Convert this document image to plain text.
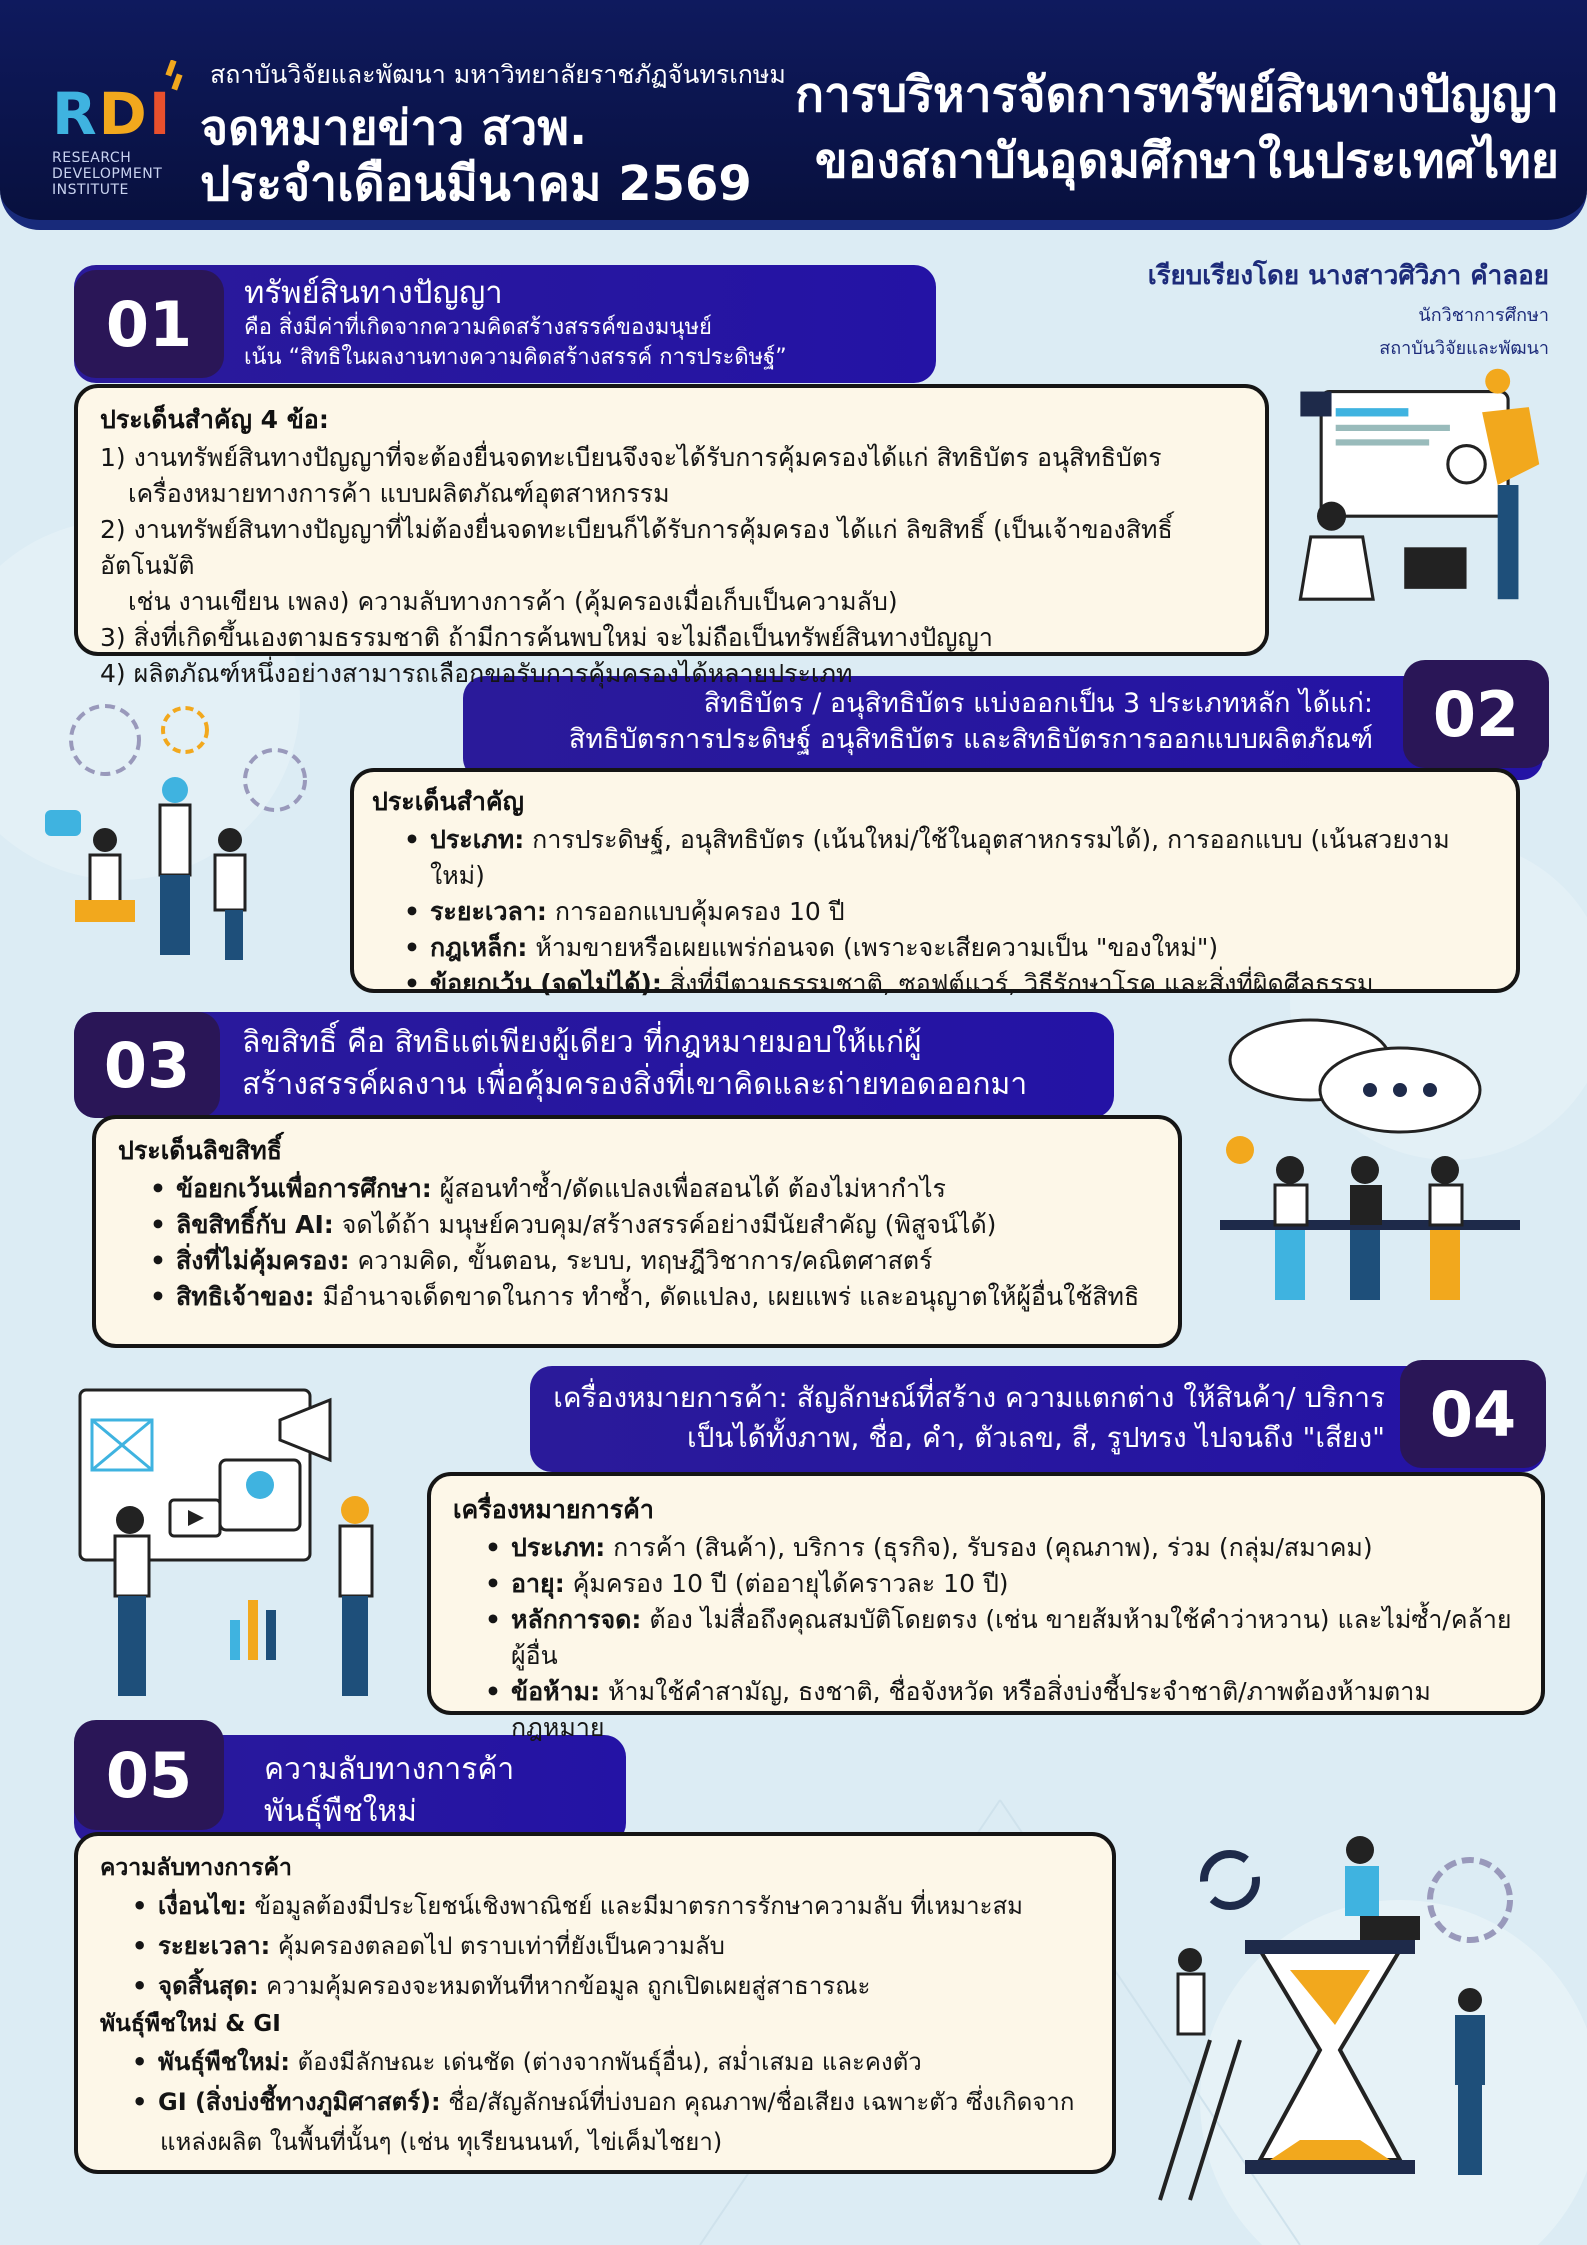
RDI
RESEARCH
DEVELOPMENT
INSTITUTE
สถาบันวิจัยและพัฒนา มหาวิทยาลัยราชภัฏจันทรเกษม
จดหมายข่าว สวพ.
ประจำเดือนมีนาคม 2569
การบริหารจัดการทรัพย์สินทางปัญญา
ของสถาบันอุดมศึกษาในประเทศไทย
เรียบเรียงโดย นางสาวศิวิภา คำลอย
นักวิชาการศึกษา
สถาบันวิจัยและพัฒนา
ทรัพย์สินทางปัญญา
คือ สิ่งมีค่าที่เกิดจากความคิดสร้างสรรค์ของมนุษย์
เน้น “สิทธิในผลงานทางความคิดสร้างสรรค์ การประดิษฐ์”
01
ประเด็นสำคัญ 4 ข้อ:

1) งานทรัพย์สินทางปัญญาที่จะต้องยื่นจดทะเบียนจึงจะได้รับการคุ้มครองได้แก่ สิทธิบัตร อนุสิทธิบัตร

เครื่องหมายทางการค้า แบบผลิตภัณฑ์อุตสาหกรรม

2) งานทรัพย์สินทางปัญญาที่ไม่ต้องยื่นจดทะเบียนก็ได้รับการคุ้มครอง ได้แก่ ลิขสิทธิ์ (เป็นเจ้าของสิทธิ์อัตโนมัติ

เช่น งานเขียน เพลง) ความลับทางการค้า (คุ้มครองเมื่อเก็บเป็นความลับ)

3) สิ่งที่เกิดขึ้นเองตามธรรมชาติ ถ้ามีการค้นพบใหม่ จะไม่ถือเป็นทรัพย์สินทางปัญญา

4) ผลิตภัณฑ์หนึ่งอย่างสามารถเลือกขอรับการคุ้มครองได้หลายประเภท

สิทธิบัตร / อนุสิทธิบัตร แบ่งออกเป็น 3 ประเภทหลัก ได้แก่:
สิทธิบัตรการประดิษฐ์ อนุสิทธิบัตร และสิทธิบัตรการออกแบบผลิตภัณฑ์ 02
ประเด็นสำคัญ
• ประเภท: การประดิษฐ์, อนุสิทธิบัตร (เน้นใหม่/ใช้ในอุตสาหกรรมได้), การออกแบบ (เน้นสวยงามใหม่)
• ระยะเวลา: การออกแบบคุ้มครอง 10 ปี
• กฎเหล็ก: ห้ามขายหรือเผยแพร่ก่อนจด (เพราะจะเสียความเป็น "ของใหม่")
• ข้อยกเว้น (จดไม่ได้): สิ่งที่มีตามธรรมชาติ, ซอฟต์แวร์, วิธีรักษาโรค และสิ่งที่ผิดศีลธรรม
ลิขสิทธิ์ คือ สิทธิแต่เพียงผู้เดียว ที่กฎหมายมอบให้แก่ผู้
สร้างสรรค์ผลงาน เพื่อคุ้มครองสิ่งที่เขาคิดและถ่ายทอดออกมา
03
ประเด็นลิขสิทธิ์
• ข้อยกเว้นเพื่อการศึกษา: ผู้สอนทำซ้ำ/ดัดแปลงเพื่อสอนได้ ต้องไม่หากำไร
• ลิขสิทธิ์กับ AI: จดได้ถ้า มนุษย์ควบคุม/สร้างสรรค์อย่างมีนัยสำคัญ (พิสูจน์ได้)
• สิ่งที่ไม่คุ้มครอง: ความคิด, ขั้นตอน, ระบบ, ทฤษฎีวิชาการ/คณิตศาสตร์
• สิทธิเจ้าของ: มีอำนาจเด็ดขาดในการ ทำซ้ำ, ดัดแปลง, เผยแพร่ และอนุญาตให้ผู้อื่นใช้สิทธิ
เครื่องหมายการค้า: สัญลักษณ์ที่สร้าง ความแตกต่าง ให้สินค้า/ บริการ
เป็นได้ทั้งภาพ, ชื่อ, คำ, ตัวเลข, สี, รูปทรง ไปจนถึง "เสียง" 04
เครื่องหมายการค้า
• ประเภท: การค้า (สินค้า), บริการ (ธุรกิจ), รับรอง (คุณภาพ), ร่วม (กลุ่ม/สมาคม)
• อายุ: คุ้มครอง 10 ปี (ต่ออายุได้คราวละ 10 ปี)
• หลักการจด: ต้อง ไม่สื่อถึงคุณสมบัติโดยตรง (เช่น ขายส้มห้ามใช้คำว่าหวาน) และไม่ซ้ำ/คล้าย ผู้อื่น
• ข้อห้าม: ห้ามใช้คำสามัญ, ธงชาติ, ชื่อจังหวัด หรือสิ่งบ่งชี้ประจำชาติ/ภาพต้องห้ามตามกฎหมาย
ความลับทางการค้า
พันธุ์พืชใหม่
05
ความลับทางการค้า
• เงื่อนไข: ข้อมูลต้องมีประโยชน์เชิงพาณิชย์ และมีมาตรการรักษาความลับ ที่เหมาะสม
• ระยะเวลา: คุ้มครองตลอดไป ตราบเท่าที่ยังเป็นความลับ
• จุดสิ้นสุด: ความคุ้มครองจะหมดทันทีหากข้อมูล ถูกเปิดเผยสู่สาธารณะ
พันธุ์พืชใหม่ & GI
• พันธุ์พืชใหม่: ต้องมีลักษณะ เด่นชัด (ต่างจากพันธุ์อื่น), สม่ำเสมอ และคงตัว
• GI (สิ่งบ่งชี้ทางภูมิศาสตร์): ชื่อ/สัญลักษณ์ที่บ่งบอก คุณภาพ/ชื่อเสียง เฉพาะตัว ซึ่งเกิดจาก

แหล่งผลิต ในพื้นที่นั้นๆ (เช่น ทุเรียนนนท์, ไข่เค็มไชยา)
